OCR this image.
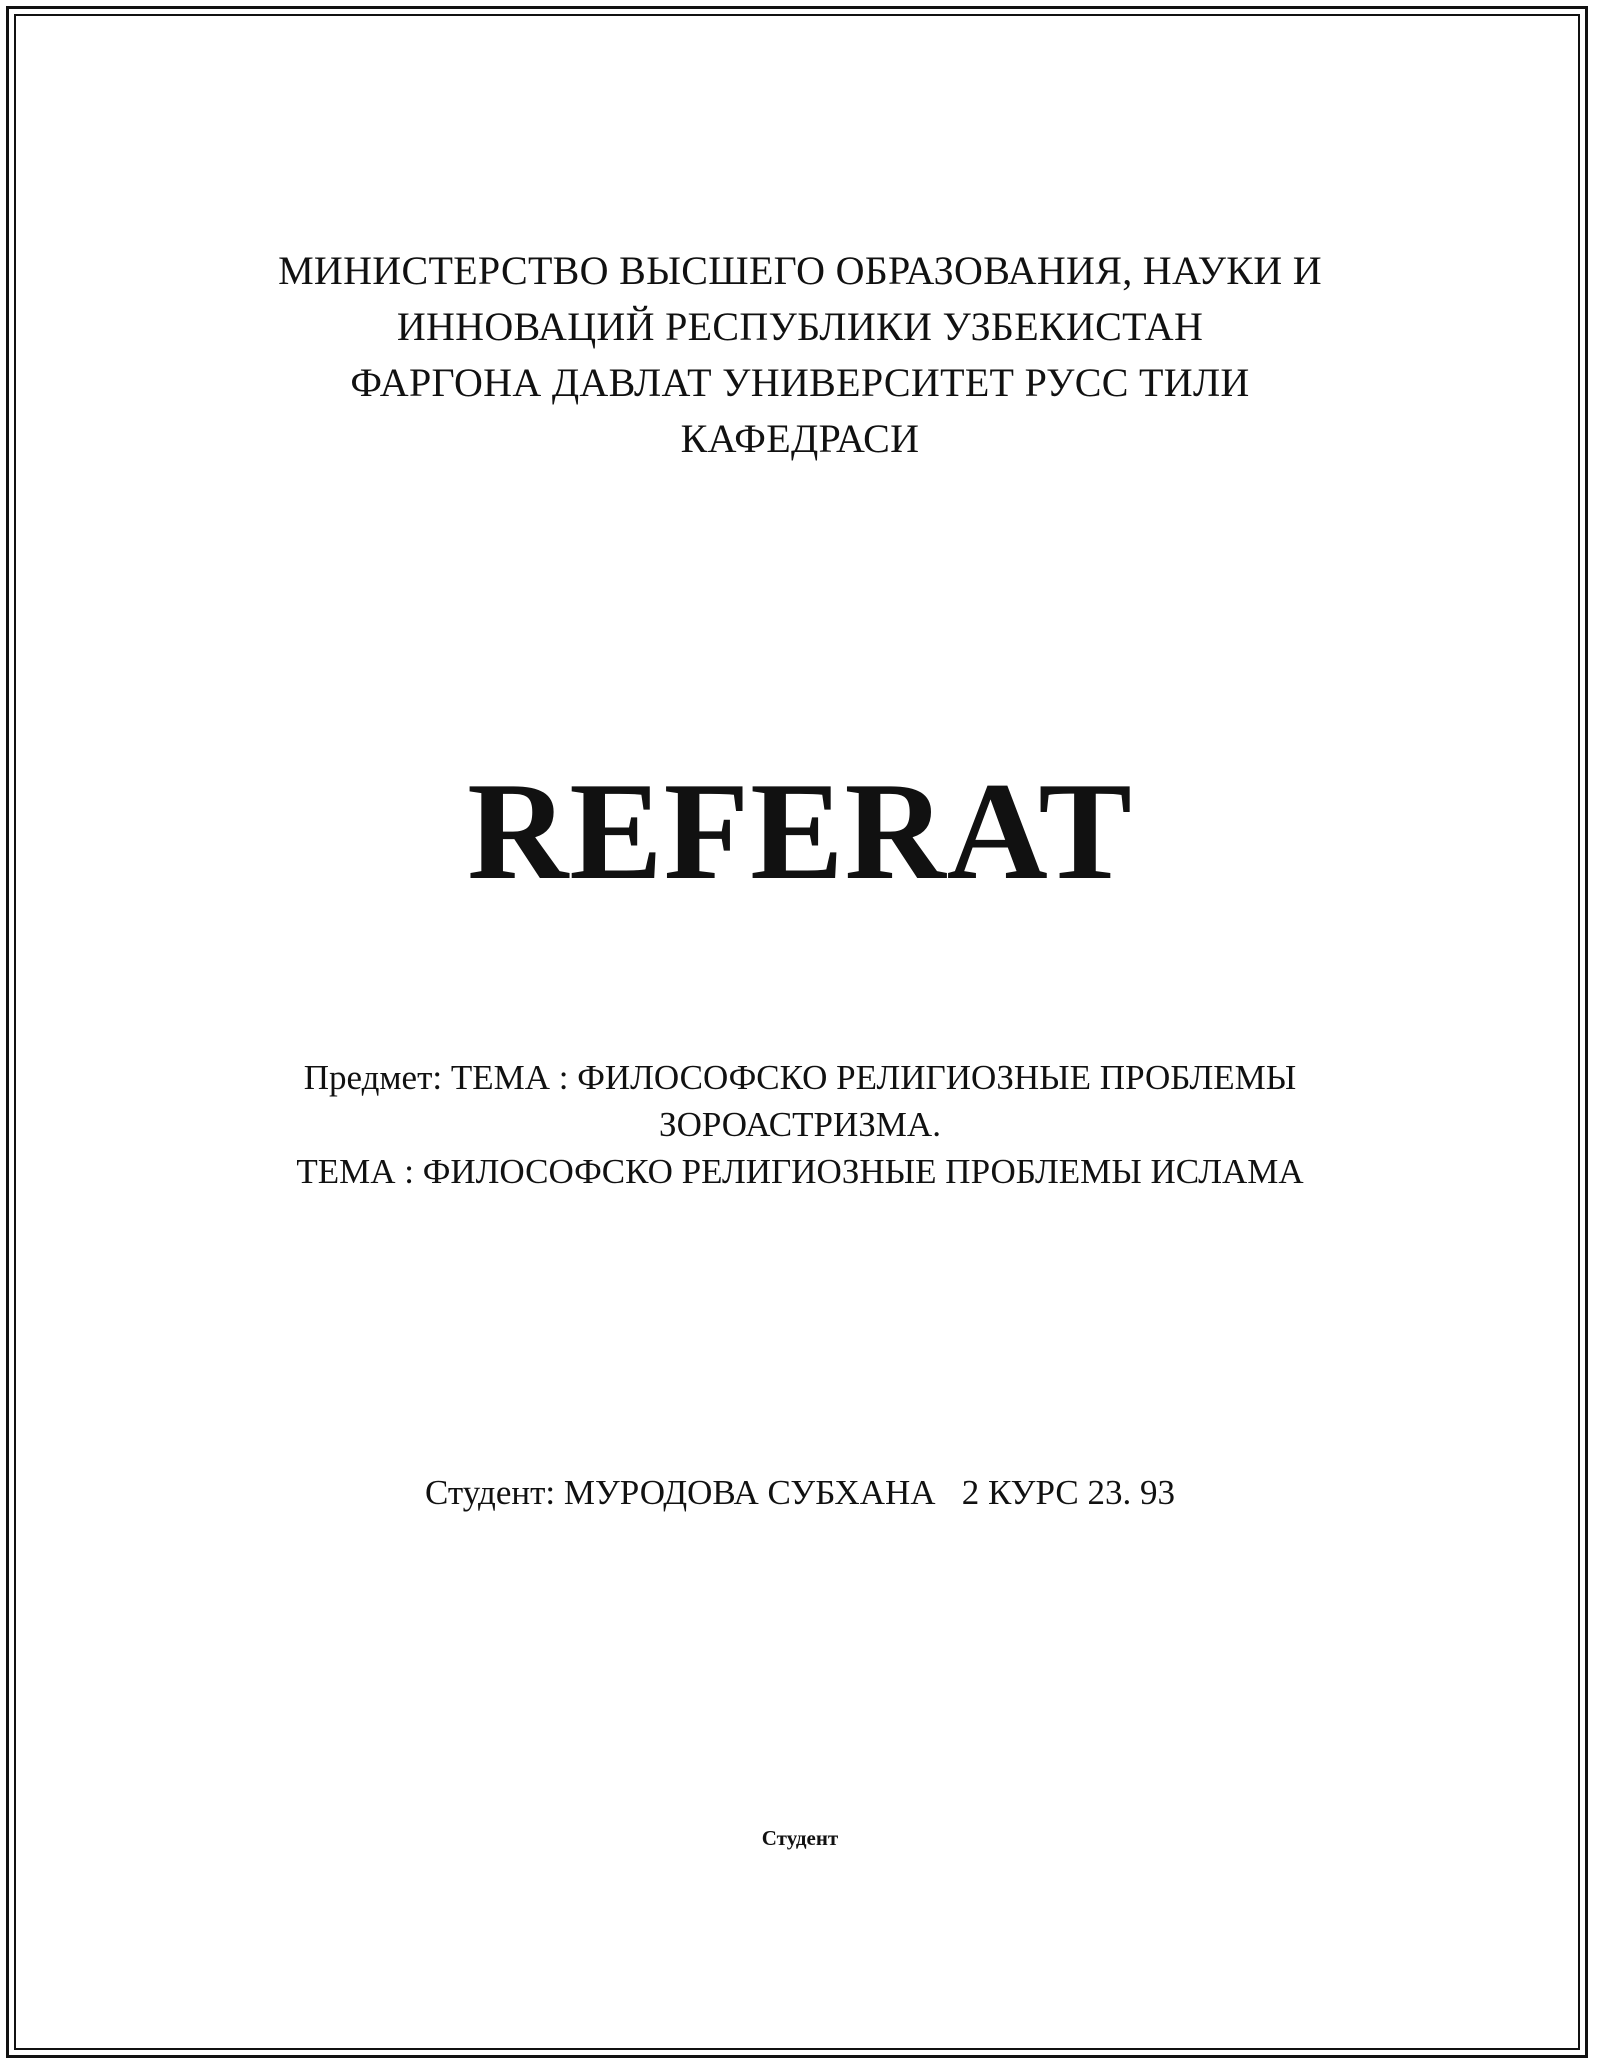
МИНИСТЕРСТВО ВЫСШЕГО ОБРАЗОВАНИЯ, НАУКИ И
ИННОВАЦИЙ РЕСПУБЛИКИ УЗБЕКИСТАН
ФАРГОНА ДАВЛАТ УНИВЕРСИТЕТ РУСС ТИЛИ
КАФЕДРАСИ
REFERAT
Предмет: ТЕМА : ФИЛОСОФСКО РЕЛИГИОЗНЫЕ ПРОБЛЕМЫ
ЗОРОАСТРИЗМА.
ТЕМА : ФИЛОСОФСКО РЕЛИГИОЗНЫЕ ПРОБЛЕМЫ ИСЛАМА
Студент: МУРОДОВА СУБХАНА   2 КУРС 23. 93
Студент
